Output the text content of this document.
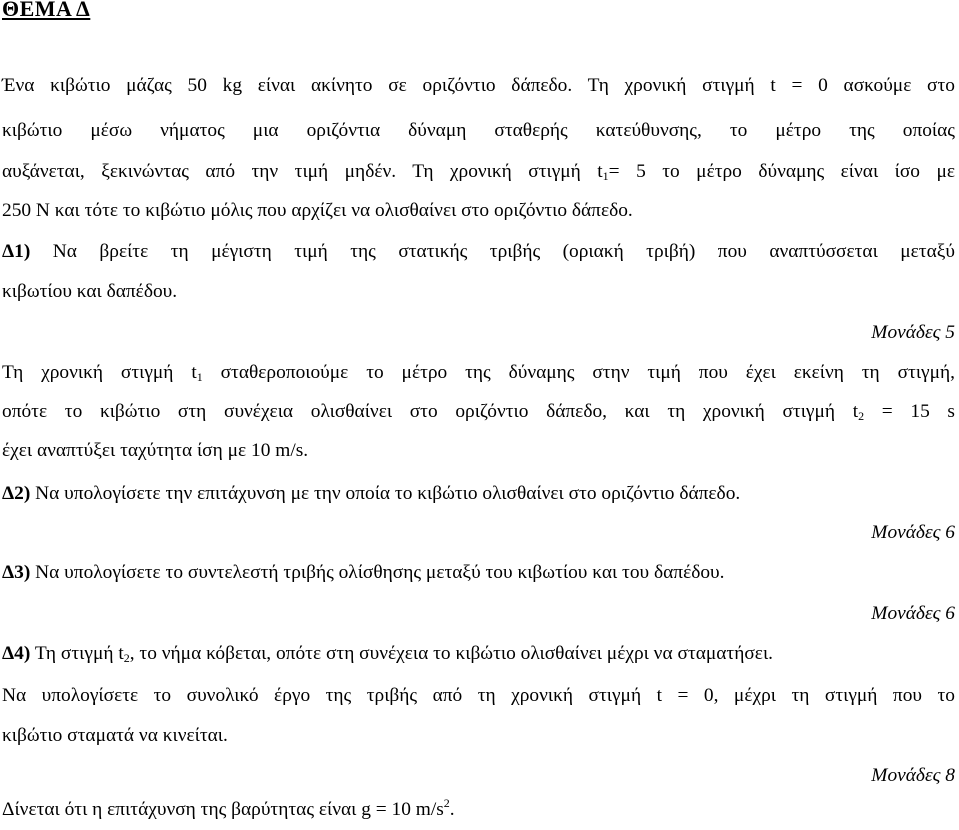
ΘΕΜΑ Δ
Ένα κιβώτιο μάζας 50 kg είναι ακίνητο σε οριζόντιο δάπεδο. Τη χρονική στιγμή t = 0 ασκούμε στο
κιβώτιο μέσω νήματος μια οριζόντια δύναμη σταθερής κατεύθυνσης, το μέτρο της οποίας
αυξάνεται, ξεκινώντας από την τιμή μηδέν. Τη χρονική στιγμή $t_1= 5$ το μέτρο δύναμης είναι ίσο με
250 N και τότε το κιβώτιο μόλις που αρχίζει να ολισθαίνει στο οριζόντιο δάπεδο.
Δ1) Να βρείτε τη μέγιστη τιμή της στατικής τριβής (οριακή τριβή) που αναπτύσσεται μεταξύ
κιβωτίου και δαπέδου.
Μονάδες 5
Τη χρονική στιγμή $t_1$ σταθεροποιούμε το μέτρο της δύναμης στην τιμή που έχει εκείνη τη στιγμή,
οπότε το κιβώτιο στη συνέχεια ολισθαίνει στο οριζόντιο δάπεδο, και τη χρονική στιγμή $t_2 = 15$ s
έχει αναπτύξει ταχύτητα ίση με 10 m/s.
Δ2) Να υπολογίσετε την επιτάχυνση με την οποία το κιβώτιο ολισθαίνει στο οριζόντιο δάπεδο.
Μονάδες 6
Δ3) Να υπολογίσετε το συντελεστή τριβής ολίσθησης μεταξύ του κιβωτίου και του δαπέδου.
Μονάδες 6
Δ4) Τη στιγμή $t_2$, το νήμα κόβεται, οπότε στη συνέχεια το κιβώτιο ολισθαίνει μέχρι να σταματήσει.
Να υπολογίσετε το συνολικό έργο της τριβής από τη χρονική στιγμή t = 0, μέχρι τη στιγμή που το
κιβώτιο σταματά να κινείται.
Μονάδες 8
Δίνεται ότι η επιτάχυνση της βαρύτητας είναι g = 10 $m/s^2$.
